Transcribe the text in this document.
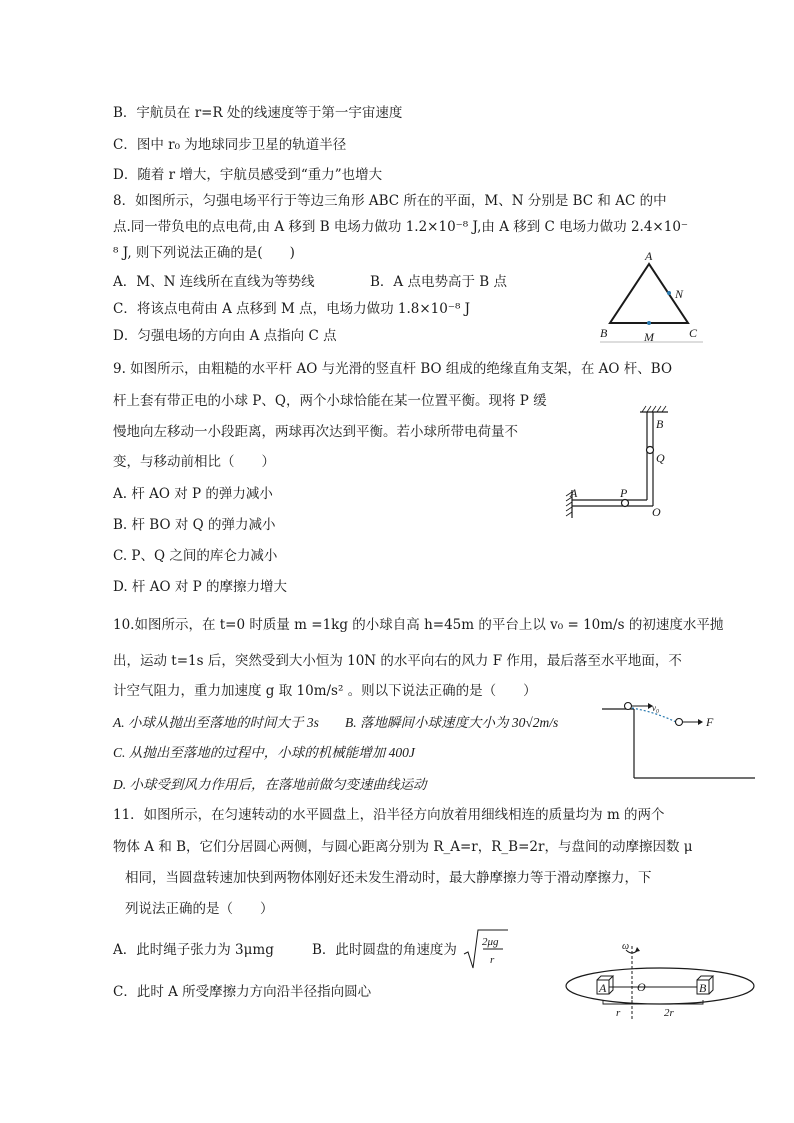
B．宇航员在 r=R 处的线速度等于第一宇宙速度
C．图中 r₀ 为地球同步卫星的轨道半径
D．随着 r 增大，宇航员感受到“重力”也增大
8．如图所示，匀强电场平行于等边三角形 ABC 所在的平面，M、N 分别是 BC 和 AC 的中
点.同一带负电的点电荷,由 A 移到 B 电场力做功 1.2×10⁻⁸ J,由 A 移到 C 电场力做功 2.4×10⁻
⁸ J, 则下列说法正确的是(　　)
A．M、N 连线所在直线为等势线	B．A 点电势高于 B 点
C．将该点电荷由 A 点移到 M 点，电场力做功 1.8×10⁻⁸ J
D．匀强电场的方向由 A 点指向 C 点
A
N
B	M	C
9. 如图所示，由粗糙的水平杆 AO 与光滑的竖直杆 BO 组成的绝缘直角支架，在 AO 杆、BO
杆上套有带正电的小球 P、Q，两个小球恰能在某一位置平衡。现将 P 缓
慢地向左移动一小段距离，两球再次达到平衡。若小球所带电荷量不
变，与移动前相比（　　）
A. 杆 AO 对 P 的弹力减小
B. 杆 BO 对 Q 的弹力减小
C. P、Q 之间的库仑力减小
D. 杆 AO 对 P 的摩擦力增大
B
Q
A	P
O
10.如图所示，在 t=0 时质量 m =1kg 的小球自高 h=45m 的平台上以 v₀ = 10m/s 的初速度水平抛
出，运动 t=1s 后，突然受到大小恒为 10N 的水平向右的风力 F 作用，最后落至水平地面，不
计空气阻力，重力加速度 g 取 10m/s² 。则以下说法正确的是（　　）
A. 小球从抛出至落地的时间大于 3s B. 落地瞬间小球速度大小为 30√2m/s
C. 从抛出至落地的过程中，小球的机械能增加 400J
D. 小球受到风力作用后，在落地前做匀变速曲线运动
v₀
F
11．如图所示，在匀速转动的水平圆盘上，沿半径方向放着用细线相连的质量均为 m 的两个
物体 A 和 B，它们分居圆心两侧，与圆心距离分别为 R_A=r，R_B=2r，与盘间的动摩擦因数 μ
相同，当圆盘转速加快到两物体刚好还未发生滑动时，最大静摩擦力等于滑动摩擦力，下
列说法正确的是（　　）
A．此时绳子张力为 3μmg	B．此时圆盘的角速度为 2μg
r
C．此时 A 所受摩擦力方向沿半径指向圆心
ω
A	B
O
r	2r
